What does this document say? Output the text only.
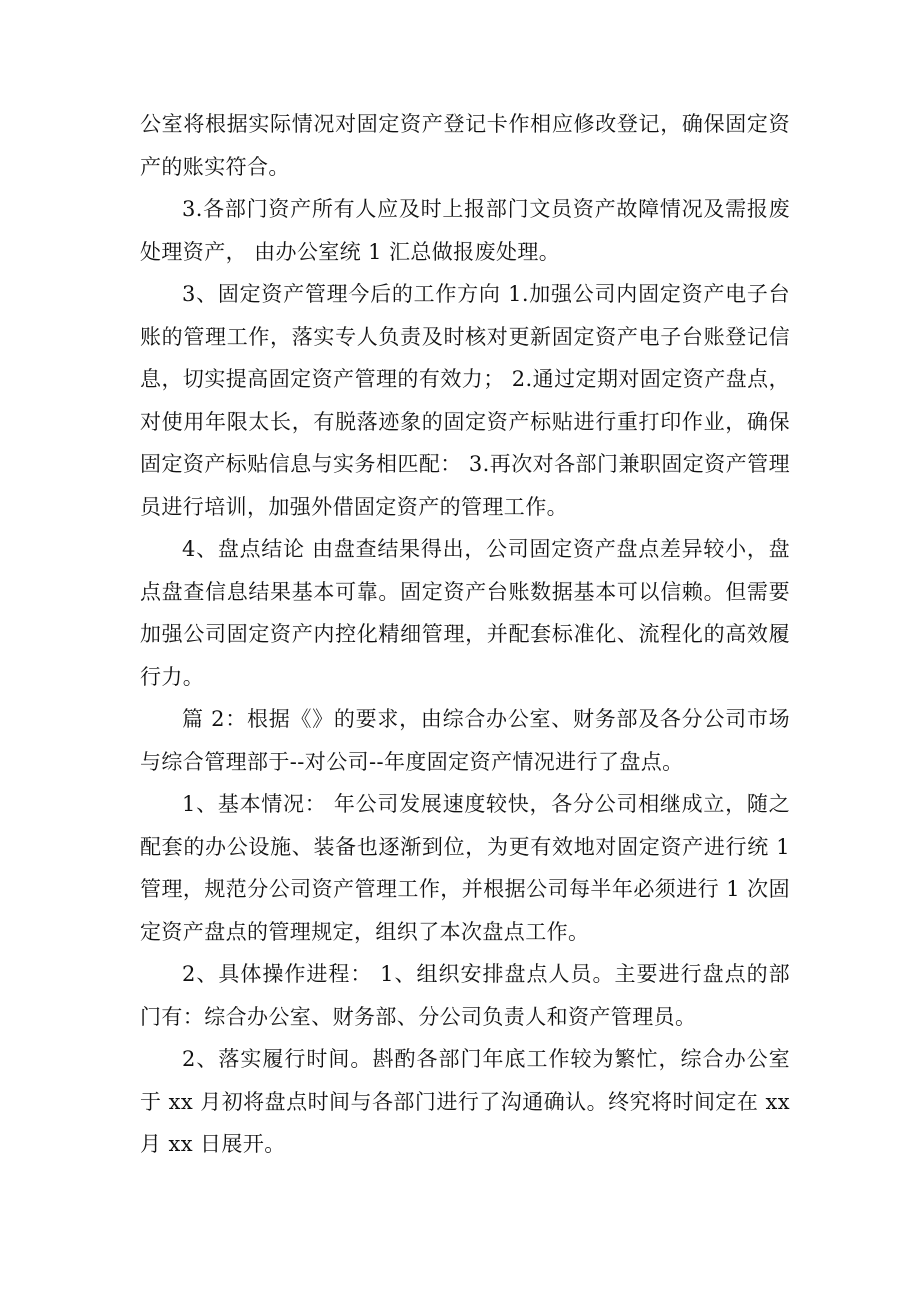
公室将根据实际情况对固定资产登记卡作相应修改登记，确保固定资产的账实符合。

3.各部门资产所有人应及时上报部门文员资产故障情况及需报废处理资产， 由办公室统 1 汇总做报废处理。

3、固定资产管理今后的工作方向 1.加强公司内固定资产电子台账的管理工作，落实专人负责及时核对更新固定资产电子台账登记信息，切实提高固定资产管理的有效力； 2.通过定期对固定资产盘点，对使用年限太长，有脱落迹象的固定资产标贴进行重打印作业，确保固定资产标贴信息与实务相匹配： 3.再次对各部门兼职固定资产管理员进行培训，加强外借固定资产的管理工作。

4、盘点结论 由盘查结果得出，公司固定资产盘点差异较小，盘点盘查信息结果基本可靠。固定资产台账数据基本可以信赖。但需要加强公司固定资产内控化精细管理，并配套标准化、流程化的高效履行力。

篇 2：根据《》的要求，由综合办公室、财务部及各分公司市场与综合管理部于--对公司--年度固定资产情况进行了盘点。

1、基本情况： 年公司发展速度较快，各分公司相继成立，随之配套的办公设施、装备也逐渐到位，为更有效地对固定资产进行统 1 管理，规范分公司资产管理工作，并根据公司每半年必须进行 1 次固定资产盘点的管理规定，组织了本次盘点工作。

2、具体操作进程： 1、组织安排盘点人员。主要进行盘点的部门有：综合办公室、财务部、分公司负责人和资产管理员。

2、落实履行时间。斟酌各部门年底工作较为繁忙，综合办公室于 xx 月初将盘点时间与各部门进行了沟通确认。终究将时间定在 xx 月 xx 日展开。
